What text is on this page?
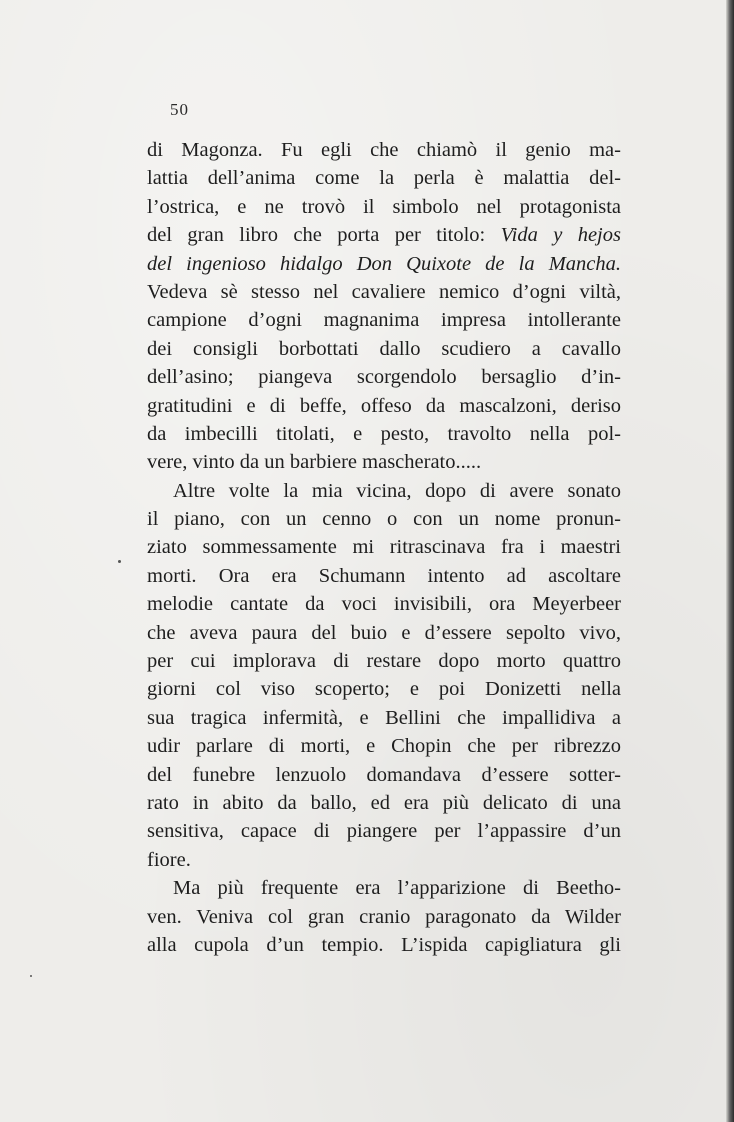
50
di Magonza. Fu egli che chiamò il genio ma-
lattia dell’anima come la perla è malattia del-
l’ostrica, e ne trovò il simbolo nel protagonista
del gran libro che porta per titolo: Vida y hejos
del ingenioso hidalgo Don Quixote de la Mancha.
Vedeva sè stesso nel cavaliere nemico d’ogni viltà,
campione d’ogni magnanima impresa intollerante
dei consigli borbottati dallo scudiero a cavallo
dell’asino; piangeva scorgendolo bersaglio d’in-
gratitudini e di beffe, offeso da mascalzoni, deriso
da imbecilli titolati, e pesto, travolto nella pol-
vere, vinto da un barbiere mascherato.....
Altre volte la mia vicina, dopo di avere sonato
il piano, con un cenno o con un nome pronun-
ziato sommessamente mi ritrascinava fra i maestri
morti. Ora era Schumann intento ad ascoltare
melodie cantate da voci invisibili, ora Meyerbeer
che aveva paura del buio e d’essere sepolto vivo,
per cui implorava di restare dopo morto quattro
giorni col viso scoperto; e poi Donizetti nella
sua tragica infermità, e Bellini che impallidiva a
udir parlare di morti, e Chopin che per ribrezzo
del funebre lenzuolo domandava d’essere sotter-
rato in abito da ballo, ed era più delicato di una
sensitiva, capace di piangere per l’appassire d’un
fiore.
Ma più frequente era l’apparizione di Beetho-
ven. Veniva col gran cranio paragonato da Wilder
alla cupola d’un tempio. L’ispida capigliatura gli
